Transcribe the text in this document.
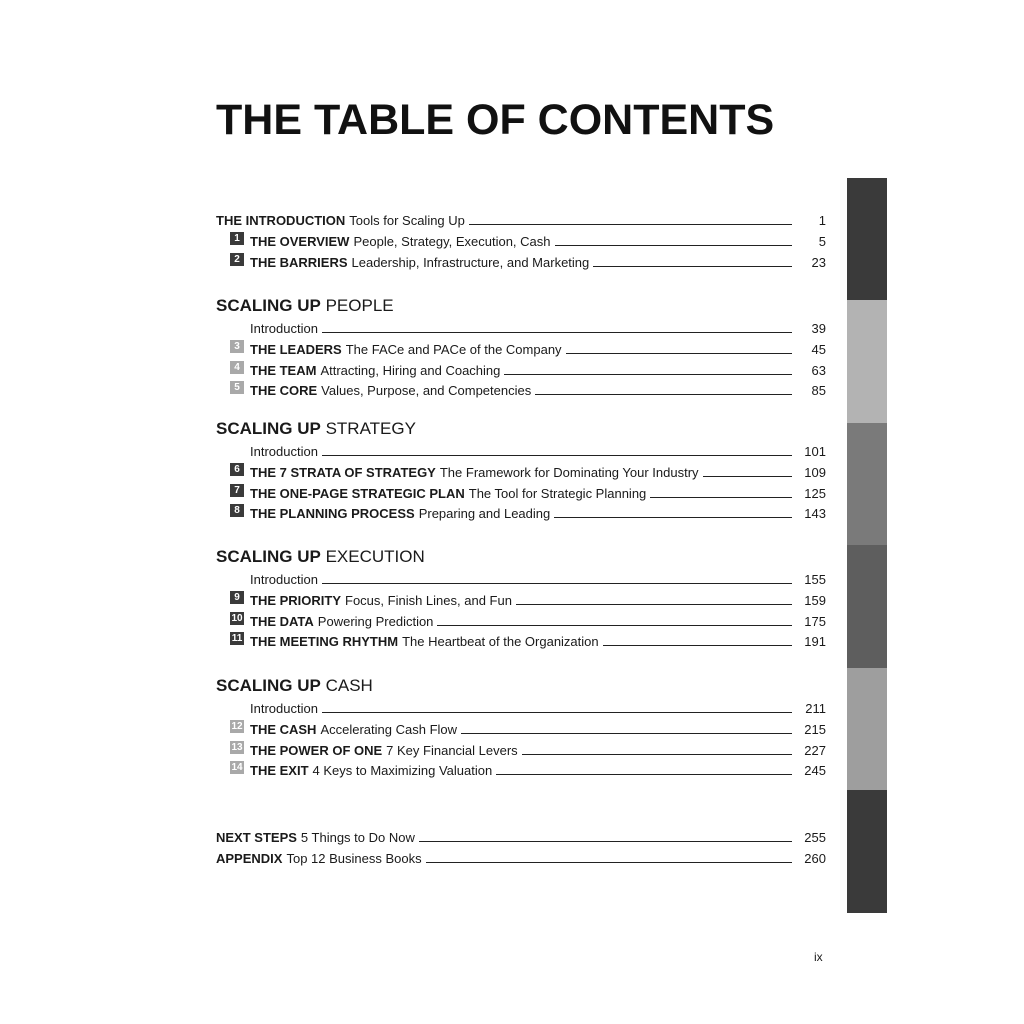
THE TABLE OF CONTENTS
THE INTRODUCTION Tools for Scaling Up	1
1 THE OVERVIEW People, Strategy, Execution, Cash	5
2 THE BARRIERS Leadership, Infrastructure, and Marketing	23
SCALING UP PEOPLE
Introduction	39
3 THE LEADERS The FACe and PACe of the Company	45
4 THE TEAM Attracting, Hiring and Coaching	63
5 THE CORE Values, Purpose, and Competencies	85
SCALING UP STRATEGY
Introduction	101
6 THE 7 STRATA OF STRATEGY The Framework for Dominating Your Industry	109
7 THE ONE-PAGE STRATEGIC PLAN The Tool for Strategic Planning	125
8 THE PLANNING PROCESS Preparing and Leading	143
SCALING UP EXECUTION
Introduction	155
9 THE PRIORITY Focus, Finish Lines, and Fun	159
10 THE DATA Powering Prediction	175
11 THE MEETING RHYTHM The Heartbeat of the Organization	191
SCALING UP CASH
Introduction	211
12 THE CASH Accelerating Cash Flow	215
13 THE POWER OF ONE 7 Key Financial Levers	227
14 THE EXIT 4 Keys to Maximizing Valuation	245
NEXT STEPS 5 Things to Do Now	255
APPENDIX Top 12 Business Books	260
ix
